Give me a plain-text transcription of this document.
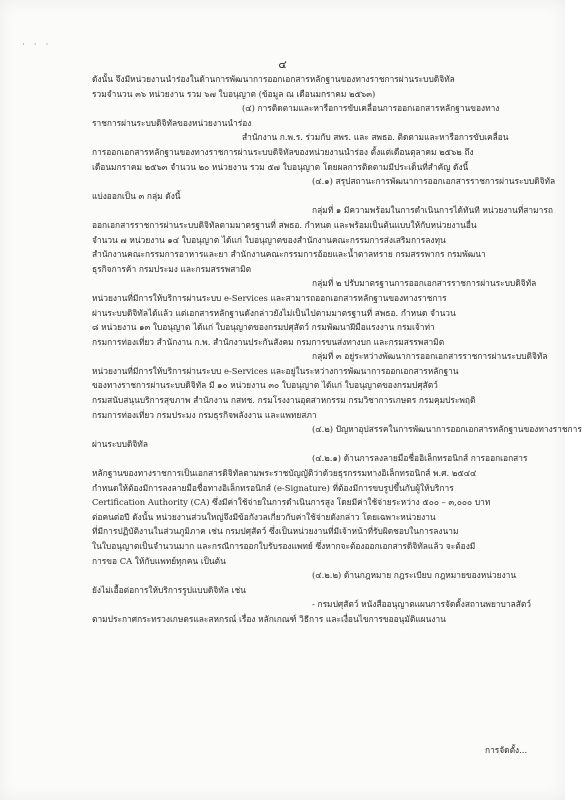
· · ·
๔

ดังนั้น จึงมีหน่วยงานนำร่องในด้านการพัฒนาการออกเอกสารหลักฐานของทางราชการผ่านระบบดิจิทัล

รวมจำนวน ๓๖ หน่วยงาน รวม ๖๗ ใบอนุญาต (ข้อมูล ณ เดือนมกราคม ๒๕๖๓)

(๔) การติดตามและหารือการขับเคลื่อนการออกเอกสารหลักฐานของทาง

ราชการผ่านระบบดิจิทัลของหน่วยงานนำร่อง

สำนักงาน ก.พ.ร. ร่วมกับ สพร. และ สพธอ. ติดตามและหารือการขับเคลื่อน

การออกเอกสารหลักฐานของทางราชการผ่านระบบดิจิทัลของหน่วยงานนำร่อง ตั้งแต่เดือนตุลาคม ๒๕๖๒ ถึง

เดือนมกราคม ๒๕๖๓ จำนวน ๒๐ หน่วยงาน รวม ๕๗ ใบอนุญาต โดยผลการติดตามมีประเด็นที่สำคัญ ดังนี้

(๔.๑) สรุปสถานะการพัฒนาการออกเอกสารราชการผ่านระบบดิจิทัล

แบ่งออกเป็น ๓ กลุ่ม ดังนี้

กลุ่มที่ ๑ มีความพร้อมในการดำเนินการได้ทันที หน่วยงานที่สามารถ

ออกเอกสารราชการผ่านระบบดิจิทัลตามมาตรฐานที่ สพธอ. กำหนด และพร้อมเป็นต้นแบบให้กับหน่วยงานอื่น

จำนวน ๗ หน่วยงาน ๑๔ ใบอนุญาต ได้แก่ ใบอนุญาตของสำนักงานคณะกรรมการส่งเสริมการลงทุน

สำนักงานคณะกรรมการอาหารและยา สำนักงานคณะกรรมการอ้อยและน้ำตาลทราย กรมสรรพากร กรมพัฒนา

ธุรกิจการค้า กรมประมง และกรมสรรพสามิต

กลุ่มที่ ๒ ปรับมาตรฐานการออกเอกสารราชการผ่านระบบดิจิทัล

หน่วยงานที่มีการให้บริการผ่านระบบ e-Services และสามารถออกเอกสารหลักฐานของทางราชการ

ผ่านระบบดิจิทัลได้แล้ว แต่เอกสารหลักฐานดังกล่าวยังไม่เป็นไปตามมาตรฐานที่ สพธอ. กำหนด จำนวน

๘ หน่วยงาน ๑๓ ใบอนุญาต ได้แก่ ใบอนุญาตของกรมปศุสัตว์ กรมพัฒนาฝีมือแรงงาน กรมเจ้าท่า

กรมการท่องเที่ยว สำนักงาน ก.พ. สำนักงานประกันสังคม กรมการขนส่งทางบก และกรมสรรพสามิต

กลุ่มที่ ๓ อยู่ระหว่างพัฒนาการออกเอกสารราชการผ่านระบบดิจิทัล

หน่วยงานที่มีการให้บริการผ่านระบบ e-Services และอยู่ในระหว่างการพัฒนาการออกเอกสารหลักฐาน

ของทางราชการผ่านระบบดิจิทัล มี ๑๐ หน่วยงาน ๓๐ ใบอนุญาต ได้แก่ ใบอนุญาตของกรมปศุสัตว์

กรมสนับสนุนบริการสุขภาพ สำนักงาน กสทช. กรมโรงงานอุตสาหกรรม กรมวิชาการเกษตร กรมคุมประพฤติ

กรมการท่องเที่ยว กรมประมง กรมธุรกิจพลังงาน และแพทยสภา

(๔.๒) ปัญหาอุปสรรคในการพัฒนาการออกเอกสารหลักฐานของทางราชการ

ผ่านระบบดิจิทัล

(๔.๒.๑) ด้านการลงลายมือชื่ออิเล็กทรอนิกส์ การออกเอกสาร

หลักฐานของทางราชการเป็นเอกสารดิจิทัลตามพระราชบัญญัติว่าด้วยธุรกรรมทางอิเล็กทรอนิกส์ พ.ศ. ๒๕๔๔

กำหนดให้ต้องมีการลงลายมือชื่อทางอิเล็กทรอนิกส์ (e-Signature) ที่ต้องมีการขบรูปขึ้นกับผู้ให้บริการ

Certification Authority (CA) ซึ่งมีค่าใช้จ่ายในการดำเนินการสูง โดยมีค่าใช้จ่ายระหว่าง ๕๐๐ – ๓,๐๐๐ บาท

ต่อคนต่อปี ดังนั้น หน่วยงานส่วนใหญ่จึงมีข้อกังวลเกี่ยวกับค่าใช้จ่ายดังกล่าว โดยเฉพาะหน่วยงาน

ที่มีการปฏิบัติงานในส่วนภูมิภาค เช่น กรมปศุสัตว์ ซึ่งเป็นหน่วยงานที่มีเจ้าหน้าที่รับผิดชอบในการลงนาม

ในใบอนุญาตเป็นจำนวนมาก และกรณีการออกใบรับรองแพทย์ ซึ่งหากจะต้องออกเอกสารดิจิทัลแล้ว จะต้องมี

การขอ CA ให้กับแพทย์ทุกคน เป็นต้น

(๔.๒.๒) ด้านกฎหมาย กฎระเบียบ กฎหมายของหน่วยงาน

ยังไม่เอื้อต่อการให้บริการรูปแบบดิจิทัล เช่น

- กรมปศุสัตว์ หนังสืออนุญาตแผนการจัดตั้งสถานพยาบาลสัตว์

ตามประกาศกระทรวงเกษตรและสหกรณ์ เรื่อง หลักเกณฑ์ วิธีการ และเงื่อนไขการขออนุมัติแผนงาน

การจัดตั้ง...
